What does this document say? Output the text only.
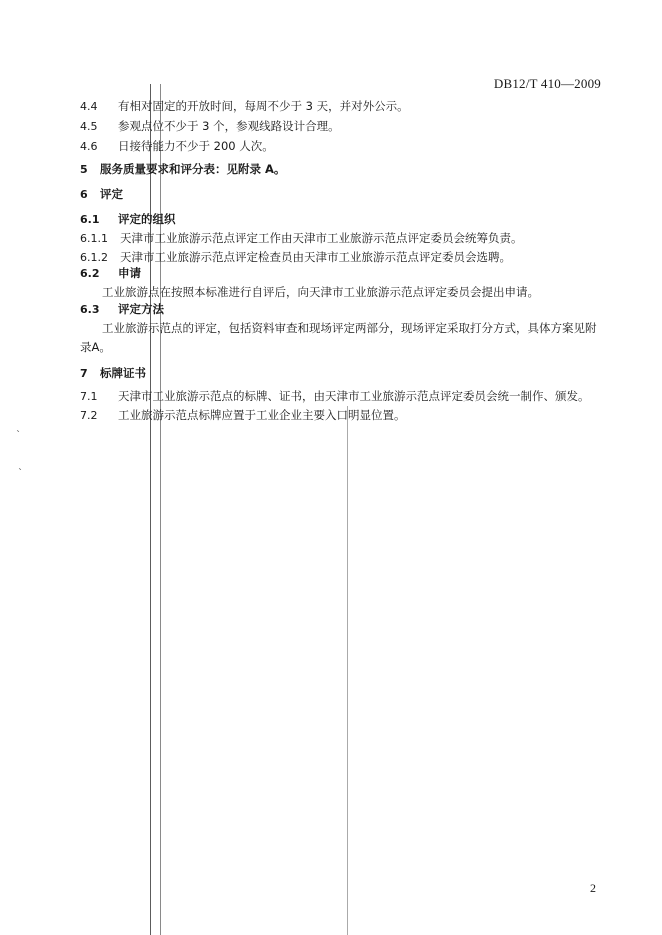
DB12/T 410—2009
4.4 有相对固定的开放时间，每周不少于 3 天，并对外公示。
4.5 参观点位不少于 3 个，参观线路设计合理。
4.6 日接待能力不少于 200 人次。
5 服务质量要求和评分表：见附录 A。
6 评定
6.1 评定的组织
6.1.1 天津市工业旅游示范点评定工作由天津市工业旅游示范点评定委员会统筹负责。
6.1.2 天津市工业旅游示范点评定检查员由天津市工业旅游示范点评定委员会选聘。
6.2 申请
工业旅游点在按照本标准进行自评后，向天津市工业旅游示范点评定委员会提出申请。
6.3 评定方法
工业旅游示范点的评定，包括资料审查和现场评定两部分，现场评定采取打分方式，具体方案见附
录A。
7 标牌证书
7.1 天津市工业旅游示范点的标牌、证书，由天津市工业旅游示范点评定委员会统一制作、颁发。
7.2 工业旅游示范点标牌应置于工业企业主要入口明显位置。
ˋ
ˋ
2
